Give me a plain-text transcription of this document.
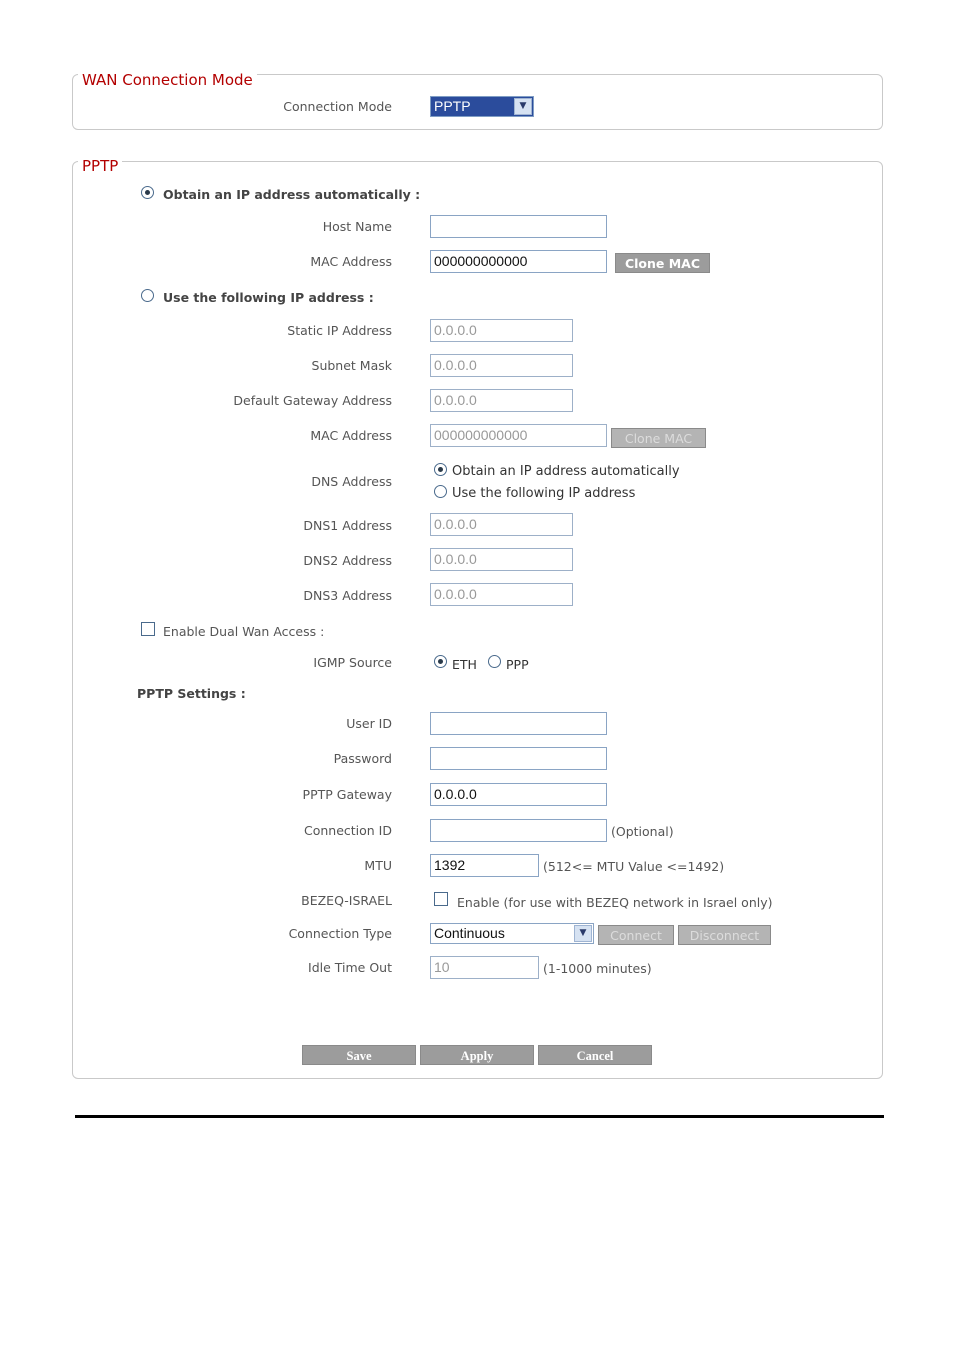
WAN Connection Mode
Connection Mode	PPTP	▼
PPTP
Obtain an IP address automatically :
Host Name
MAC Address	000000000000	Clone MAC
Use the following IP address :
Static IP Address	0.0.0.0
Subnet Mask	0.0.0.0
Default Gateway Address	0.0.0.0
MAC Address	000000000000	Clone MAC
DNS Address
Obtain an IP address automatically
Use the following IP address
DNS1 Address	0.0.0.0
DNS2 Address	0.0.0.0
DNS3 Address	0.0.0.0
Enable Dual Wan Access :
IGMP Source	ETH PPP
PPTP Settings :
User ID
Password
PPTP Gateway	0.0.0.0
Connection ID	(Optional)
MTU	1392	(512<= MTU Value <=1492)
BEZEQ-ISRAEL	Enable (for use with BEZEQ network in Israel only)
Connection Type	Continuous	▼	Connect	Disconnect
Idle Time Out	10	(1-1000 minutes)
Save	Apply	Cancel
